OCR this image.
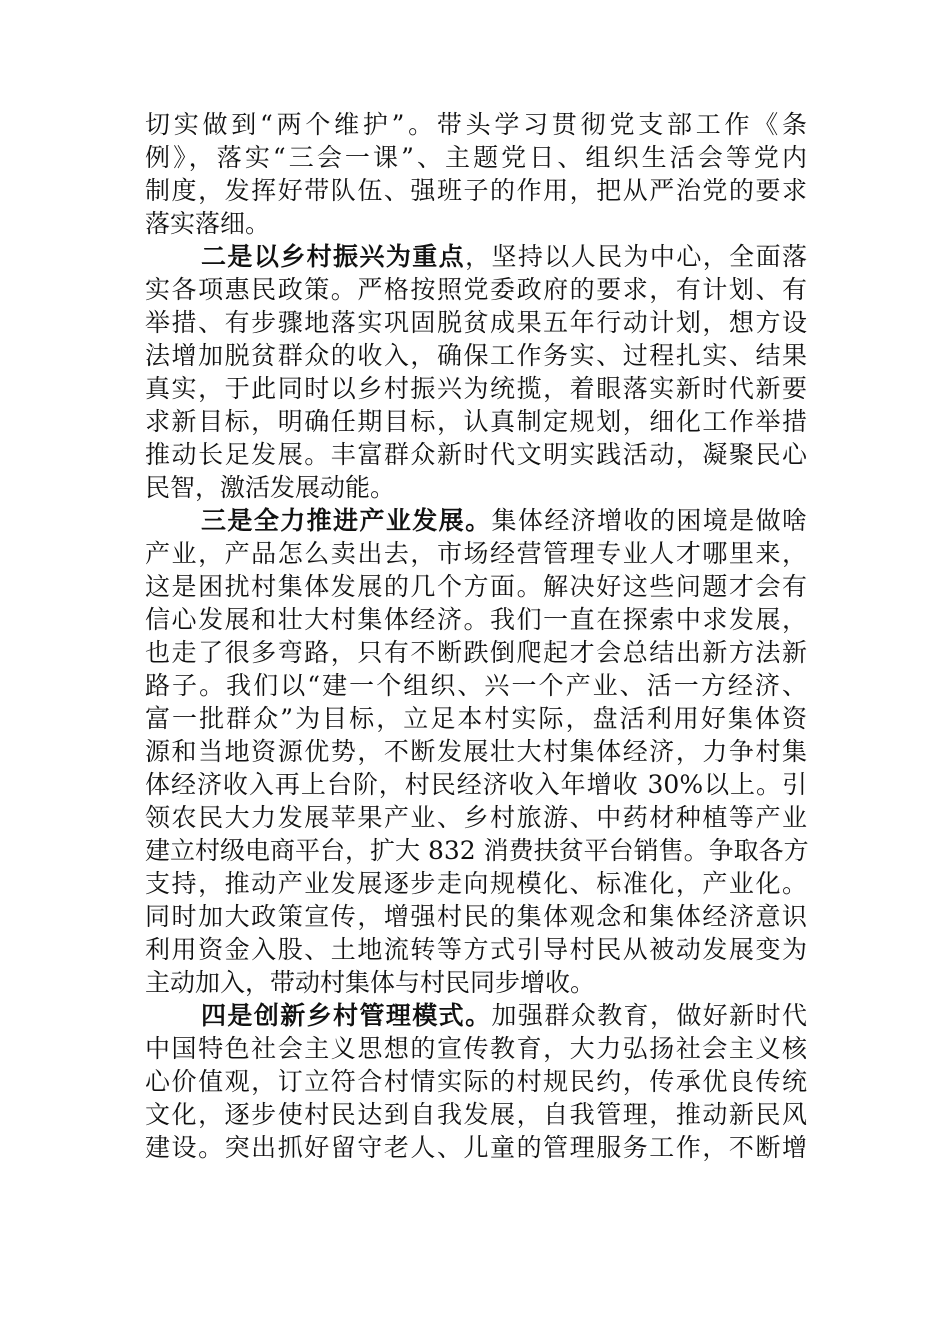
切实做到“两个维护”。带头学习贯彻党支部工作《条
例》，落实“三会一课”、主题党日、组织生活会等党内
制度，发挥好带队伍、强班子的作用，把从严治党的要求
落实落细。
二是以乡村振兴为重点，坚持以人民为中心，全面落
实各项惠民政策。严格按照党委政府的要求，有计划、有
举措、有步骤地落实巩固脱贫成果五年行动计划，想方设
法增加脱贫群众的收入，确保工作务实、过程扎实、结果
真实，于此同时以乡村振兴为统揽，着眼落实新时代新要
求新目标，明确任期目标，认真制定规划，细化工作举措
推动长足发展。丰富群众新时代文明实践活动，凝聚民心
民智，激活发展动能。
三是全力推进产业发展。集体经济增收的困境是做啥
产业，产品怎么卖出去，市场经营管理专业人才哪里来，
这是困扰村集体发展的几个方面。解决好这些问题才会有
信心发展和壮大村集体经济。我们一直在探索中求发展，
也走了很多弯路，只有不断跌倒爬起才会总结出新方法新
路子。我们以“建一个组织、兴一个产业、活一方经济、
富一批群众”为目标，立足本村实际，盘活利用好集体资
源和当地资源优势，不断发展壮大村集体经济，力争村集
体经济收入再上台阶，村民经济收入年增收 30%以上。引
领农民大力发展苹果产业、乡村旅游、中药材种植等产业
建立村级电商平台，扩大 832 消费扶贫平台销售。争取各方
支持，推动产业发展逐步走向规模化、标准化，产业化。
同时加大政策宣传，增强村民的集体观念和集体经济意识
利用资金入股、土地流转等方式引导村民从被动发展变为
主动加入，带动村集体与村民同步增收。
四是创新乡村管理模式。加强群众教育，做好新时代
中国特色社会主义思想的宣传教育，大力弘扬社会主义核
心价值观，订立符合村情实际的村规民约，传承优良传统
文化，逐步使村民达到自我发展，自我管理，推动新民风
建设。突出抓好留守老人、儿童的管理服务工作，不断增
